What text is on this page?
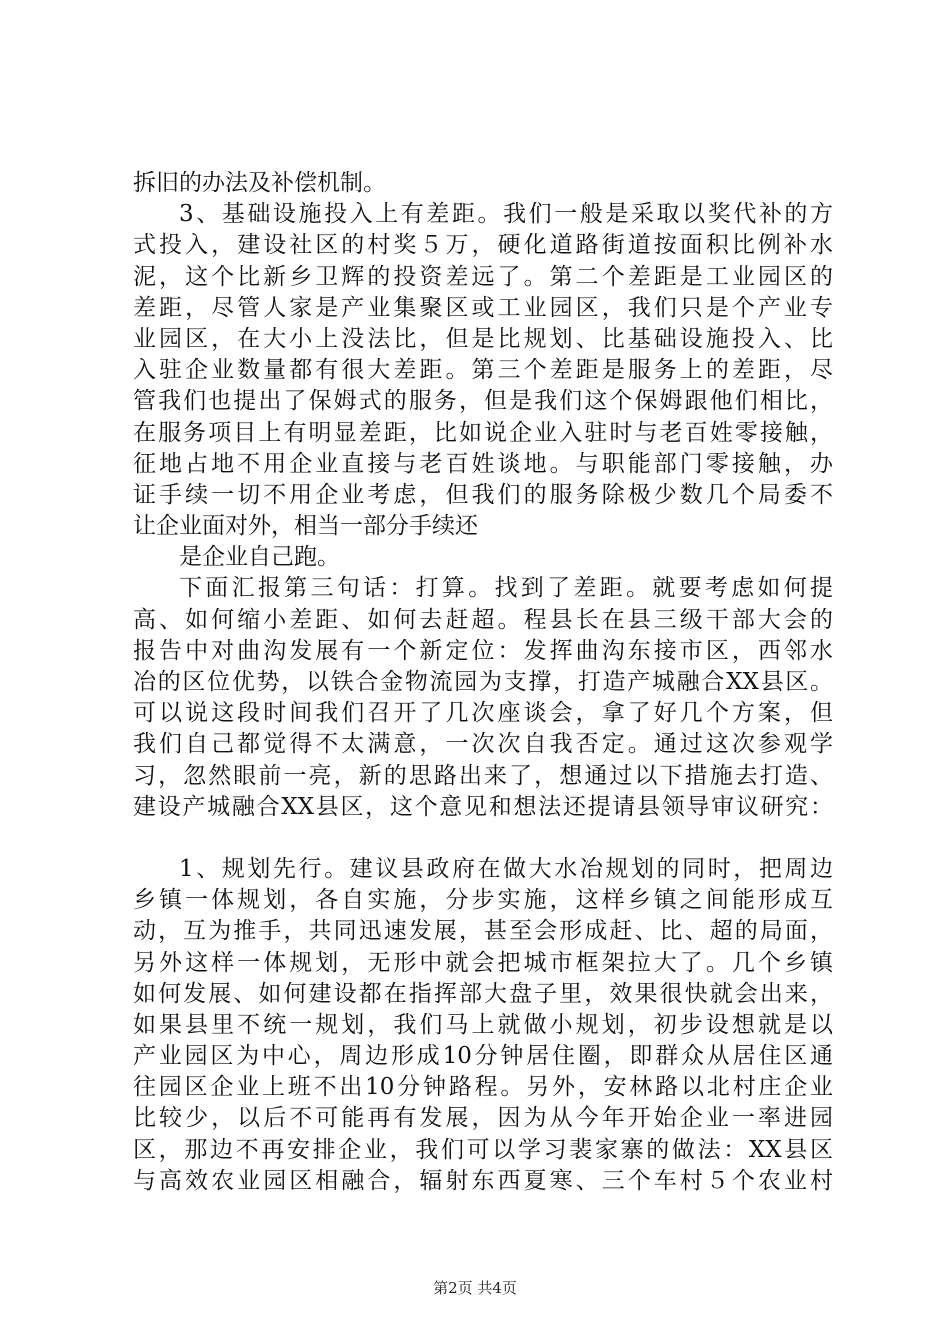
拆旧的办法及补偿机制。
3、基础设施投入上有差距。我们一般是采取以奖代补的方
式投入，建设社区的村奖５万，硬化道路街道按面积比例补水
泥，这个比新乡卫辉的投资差远了。第二个差距是工业园区的
差距，尽管人家是产业集聚区或工业园区，我们只是个产业专
业园区，在大小上没法比，但是比规划、比基础设施投入、比
入驻企业数量都有很大差距。第三个差距是服务上的差距，尽
管我们也提出了保姆式的服务，但是我们这个保姆跟他们相比，
在服务项目上有明显差距，比如说企业入驻时与老百姓零接触，
征地占地不用企业直接与老百姓谈地。与职能部门零接触，办
证手续一切不用企业考虑，但我们的服务除极少数几个局委不
让企业面对外，相当一部分手续还
是企业自己跑。
下面汇报第三句话：打算。找到了差距。就要考虑如何提
高、如何缩小差距、如何去赶超。程县长在县三级干部大会的
报告中对曲沟发展有一个新定位：发挥曲沟东接市区，西邻水
冶的区位优势，以铁合金物流园为支撑，打造产城融合XX县区。
可以说这段时间我们召开了几次座谈会，拿了好几个方案，但
我们自己都觉得不太满意，一次次自我否定。通过这次参观学
习，忽然眼前一亮，新的思路出来了，想通过以下措施去打造、
建设产城融合XX县区，这个意见和想法还提请县领导审议研究：
1、规划先行。建议县政府在做大水冶规划的同时，把周边
乡镇一体规划，各自实施，分步实施，这样乡镇之间能形成互
动，互为推手，共同迅速发展，甚至会形成赶、比、超的局面，
另外这样一体规划，无形中就会把城市框架拉大了。几个乡镇
如何发展、如何建设都在指挥部大盘子里，效果很快就会出来，
如果县里不统一规划，我们马上就做小规划，初步设想就是以
产业园区为中心，周边形成10分钟居住圈，即群众从居住区通
往园区企业上班不出10分钟路程。另外，安林路以北村庄企业
比较少，以后不可能再有发展，因为从今年开始企业一率进园
区，那边不再安排企业，我们可以学习裴家寨的做法：XX县区
与高效农业园区相融合，辐射东西夏寒、三个车村５个农业村
第2页 共4页
